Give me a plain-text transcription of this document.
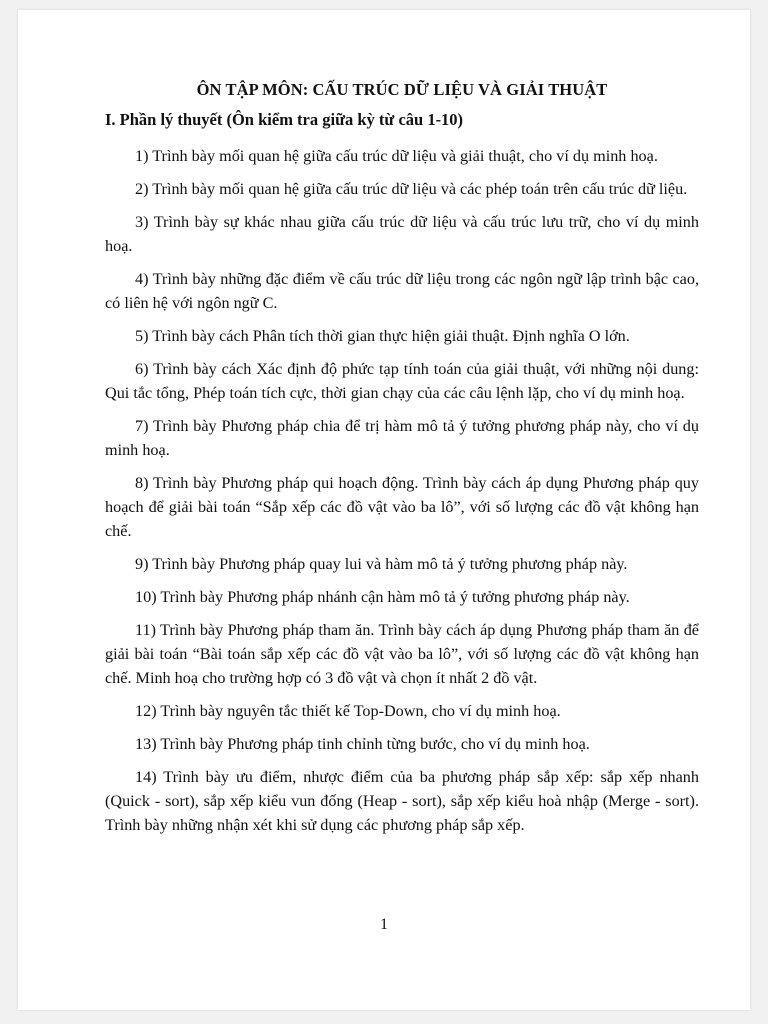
ÔN TẬP MÔN: CẤU TRÚC DỮ LIỆU VÀ GIẢI THUẬT
I. Phần lý thuyết (Ôn kiểm tra giữa kỳ từ câu 1-10)

1) Trình bày mối quan hệ giữa cấu trúc dữ liệu và giải thuật, cho ví dụ minh hoạ.

2) Trình bày mối quan hệ giữa cấu trúc dữ liệu và các phép toán trên cấu trúc dữ liệu.

3) Trình bày sự khác nhau giữa cấu trúc dữ liệu và cấu trúc lưu trữ, cho ví dụ minh hoạ.

4) Trình bày những đặc điểm về cấu trúc dữ liệu trong các ngôn ngữ lập trình bậc cao, có liên hệ với ngôn ngữ C.

5) Trình bày cách Phân tích thời gian thực hiện giải thuật. Định nghĩa O lớn.

6) Trình bày cách Xác định độ phức tạp tính toán của giải thuật, với những nội dung: Qui tắc tổng, Phép toán tích cực, thời gian chạy của các câu lệnh lặp, cho ví dụ minh hoạ.

7) Trình bày Phương pháp chia để trị hàm mô tả ý tưởng phương pháp này, cho ví dụ minh hoạ.

8) Trình bày Phương pháp qui hoạch động. Trình bày cách áp dụng Phương pháp quy hoạch để giải bài toán “Sắp xếp các đồ vật vào ba lô”, với số lượng các đồ vật không hạn chế.

9) Trình bày Phương pháp quay lui và hàm mô tả ý tưởng phương pháp này.

10) Trình bày Phương pháp nhánh cận hàm mô tả ý tưởng phương pháp này.

11) Trình bày Phương pháp tham ăn. Trình bày cách áp dụng Phương pháp tham ăn để giải bài toán “Bài toán sắp xếp các đồ vật vào ba lô”, với số lượng các đồ vật không hạn chế. Minh hoạ cho trường hợp có 3 đồ vật và chọn ít nhất 2 đồ vật.

12) Trình bày nguyên tắc thiết kế Top-Down, cho ví dụ minh hoạ.

13) Trình bày Phương pháp tinh chỉnh từng bước, cho ví dụ minh hoạ.

14) Trình bày ưu điểm, nhược điểm của ba phương pháp sắp xếp: sắp xếp nhanh (Quick - sort), sắp xếp kiểu vun đống (Heap - sort), sắp xếp kiểu hoà nhập (Merge - sort). Trình bày những nhận xét khi sử dụng các phương pháp sắp xếp.

1
